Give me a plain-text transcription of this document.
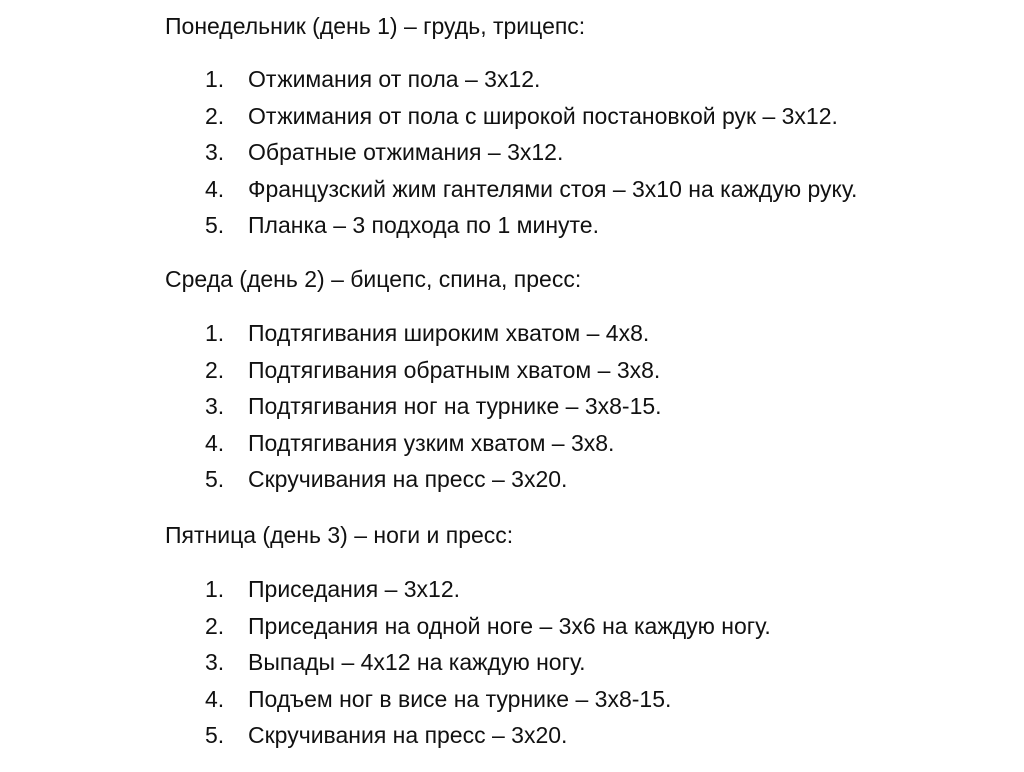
Понедельник (день 1) – грудь, трицепс:
1. Отжимания от пола – 3х12.
2. Отжимания от пола с широкой постановкой рук – 3х12.
3. Обратные отжимания – 3х12.
4. Французский жим гантелями стоя – 3х10 на каждую руку.
5. Планка – 3 подхода по 1 минуте.
Среда (день 2) – бицепс, спина, пресс:
1. Подтягивания широким хватом – 4х8.
2. Подтягивания обратным хватом – 3х8.
3. Подтягивания ног на турнике – 3х8-15.
4. Подтягивания узким хватом – 3х8.
5. Скручивания на пресс – 3х20.
Пятница (день 3) – ноги и пресс:
1. Приседания – 3х12.
2. Приседания на одной ноге – 3х6 на каждую ногу.
3. Выпады – 4х12 на каждую ногу.
4. Подъем ног в висе на турнике – 3х8-15.
5. Скручивания на пресс – 3х20.
